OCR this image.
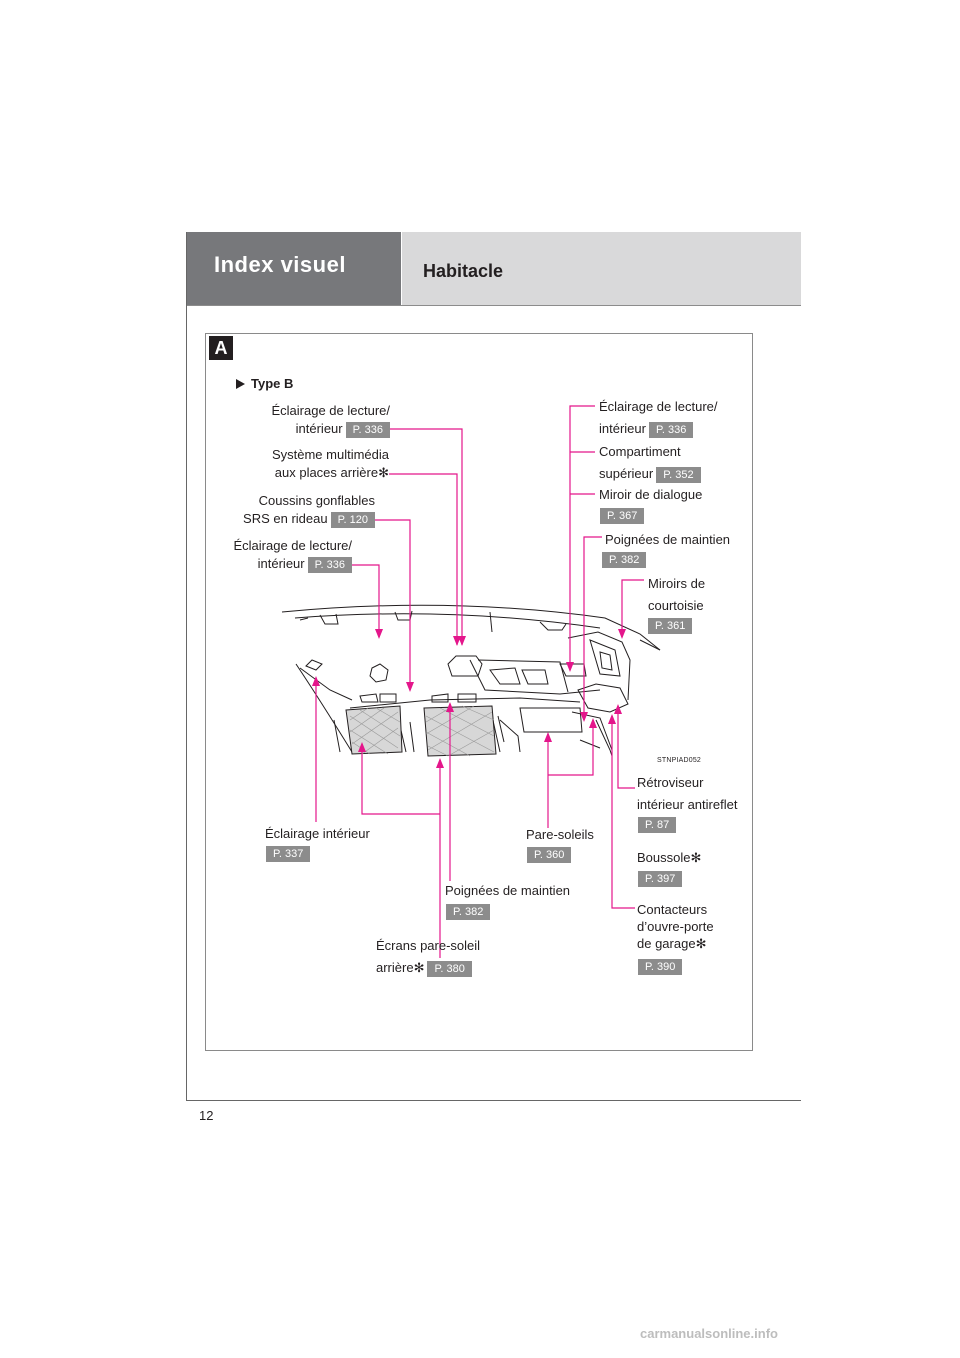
Index visuel	Habitacle
A
Type B
STNPIAD052
Éclairage de lecture/
intérieur P. 336
Système multimédia
aux places arrière✻
Coussins gonflables
SRS en rideau P. 120
Éclairage de lecture/
intérieur P. 336
Éclairage de lecture/
intérieur P. 336
Compartiment
supérieur P. 352
Miroir de dialogue
P. 367
Poignées de maintien
P. 382
Miroirs de
courtoisie
P. 361
Rétroviseur
intérieur antireflet
P. 87
Boussole✻
P. 397
Contacteurs
d’ouvre-porte
de garage✻
P. 390
Éclairage intérieur
P. 337
Pare-soleils
P. 360
Poignées de maintien
P. 382
Écrans pare-soleil
arrière✻ P. 380
12
carmanualsonline.info
